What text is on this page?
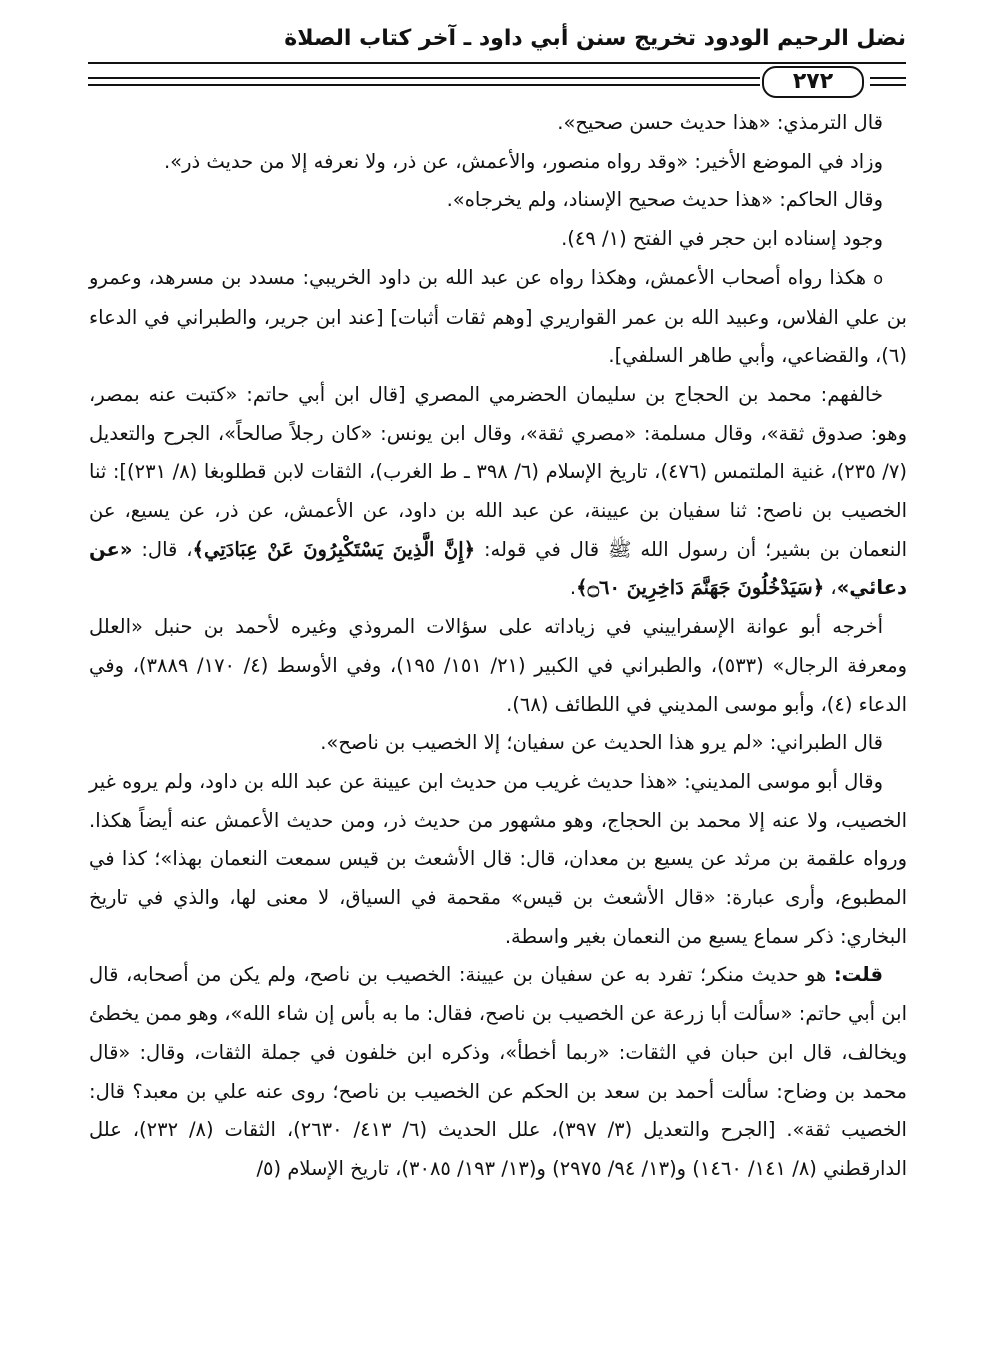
نضل الرحيم الودود تخريج سنن أبي داود ـ آخر كتاب الصلاة
٢٧٢

قال الترمذي: «هذا حديث حسن صحيح».

وزاد في الموضع الأخير: «وقد رواه منصور، والأعمش، عن ذر، ولا نعرفه إلا من حديث ذر».

وقال الحاكم: «هذا حديث صحيح الإسناد، ولم يخرجاه».

وجود إسناده ابن حجر في الفتح (١/ ٤٩).

o هكذا رواه أصحاب الأعمش، وهكذا رواه عن عبد الله بن داود الخريبي: مسدد بن مسرهد، وعمرو بن علي الفلاس، وعبيد الله بن عمر القواريري [وهم ثقات أثبات] [عند ابن جرير، والطبراني في الدعاء (٦)، والقضاعي، وأبي طاهر السلفي].

خالفهم: محمد بن الحجاج بن سليمان الحضرمي المصري [قال ابن أبي حاتم: «كتبت عنه بمصر، وهو: صدوق ثقة»، وقال مسلمة: «مصري ثقة»، وقال ابن يونس: «كان رجلاً صالحاً»، الجرح والتعديل (٧/ ٢٣٥)، غنية الملتمس (٤٧٦)، تاريخ الإسلام (٦/ ٣٩٨ ـ ط الغرب)، الثقات لابن قطلوبغا (٨/ ٢٣١)]: ثنا الخصيب بن ناصح: ثنا سفيان بن عيينة، عن عبد الله بن داود، عن الأعمش، عن ذر، عن يسيع، عن النعمان بن بشير؛ أن رسول الله ﷺ قال في قوله: ﴿إِنَّ الَّذِينَ يَسْتَكْبِرُونَ عَنْ عِبَادَتِي﴾، قال: «عن دعائي»، ﴿سَيَدْخُلُونَ جَهَنَّمَ دَاخِرِينَ ۝٦٠﴾.

أخرجه أبو عوانة الإسفراييني في زياداته على سؤالات المروذي وغيره لأحمد بن حنبل «العلل ومعرفة الرجال» (٥٣٣)، والطبراني في الكبير (٢١/ ١٥١/ ١٩٥)، وفي الأوسط (٤/ ١٧٠/ ٣٨٨٩)، وفي الدعاء (٤)، وأبو موسى المديني في اللطائف (٦٨).

قال الطبراني: «لم يرو هذا الحديث عن سفيان؛ إلا الخصيب بن ناصح».

وقال أبو موسى المديني: «هذا حديث غريب من حديث ابن عيينة عن عبد الله بن داود، ولم يروه غير الخصيب، ولا عنه إلا محمد بن الحجاج، وهو مشهور من حديث ذر، ومن حديث الأعمش عنه أيضاً هكذا. ورواه علقمة بن مرثد عن يسيع بن معدان، قال: قال الأشعث بن قيس سمعت النعمان بهذا»؛ كذا في المطبوع، وأرى عبارة: «قال الأشعث بن قيس» مقحمة في السياق، لا معنى لها، والذي في تاريخ البخاري: ذكر سماع يسيع من النعمان بغير واسطة.

قلت: هو حديث منكر؛ تفرد به عن سفيان بن عيينة: الخصيب بن ناصح، ولم يكن من أصحابه، قال ابن أبي حاتم: «سألت أبا زرعة عن الخصيب بن ناصح، فقال: ما به بأس إن شاء الله»، وهو ممن يخطئ ويخالف، قال ابن حبان في الثقات: «ربما أخطأ»، وذكره ابن خلفون في جملة الثقات، وقال: «قال محمد بن وضاح: سألت أحمد بن سعد بن الحكم عن الخصيب بن ناصح؛ روى عنه علي بن معبد؟ قال: الخصيب ثقة». [الجرح والتعديل (٣/ ٣٩٧)، علل الحديث (٦/ ٤١٣/ ٢٦٣٠)، الثقات (٨/ ٢٣٢)، علل الدارقطني (٨/ ١٤١/ ١٤٦٠) و(١٣/ ٩٤/ ٢٩٧٥) و(١٣/ ١٩٣/ ٣٠٨٥)، تاريخ الإسلام (٥/
